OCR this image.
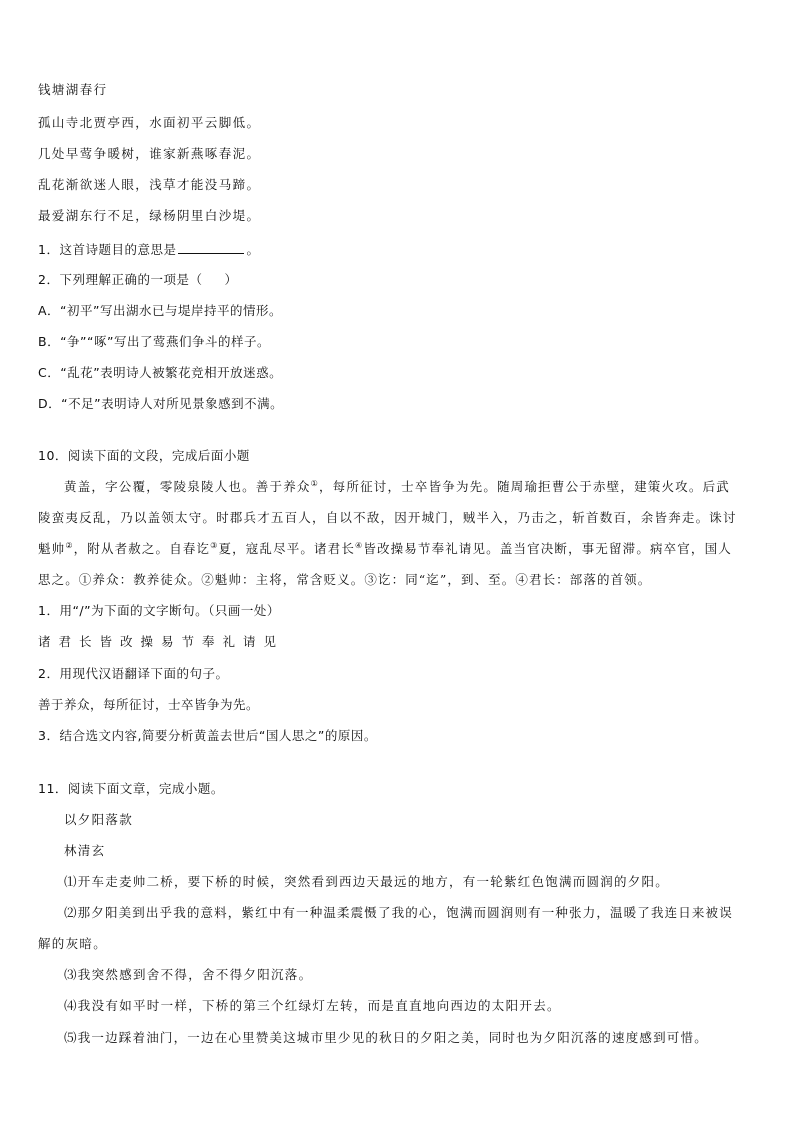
钱塘湖春行
孤山寺北贾亭西，水面初平云脚低。
几处早莺争暖树，谁家新燕啄春泥。
乱花渐欲迷人眼，浅草才能没马蹄。
最爱湖东行不足，绿杨阴里白沙堤。
1．这首诗题目的意思是	。
2．下列理解正确的一项是（ ）
A．“初平”写出湖水已与堤岸持平的情形。
B．“争”“啄”写出了莺燕们争斗的样子。
C．“乱花”表明诗人被繁花竞相开放迷惑。
D．“不足”表明诗人对所见景象感到不满。
10．阅读下面的文段，完成后面小题
黄盖，字公覆，零陵泉陵人也。善于养众①，每所征讨，士卒皆争为先。随周瑜拒曹公于赤壁，建策火攻。后武
陵蛮夷反乱，乃以盖领太守。时郡兵才五百人，自以不敌，因开城门，贼半入，乃击之，斩首数百，余皆奔走。诛讨
魁帅②，附从者赦之。自春讫③夏，寇乱尽平。诸君长④皆改操易节奉礼请见。盖当官决断，事无留滞。病卒官，国人
思之。①养众：教养徒众。②魁帅：主将，常含贬义。③讫：同“迄”，到、至。④君长：部落的首领。
1．用“/”为下面的文字断句。（只画一处）
诸君长皆改操易节奉礼请见
2．用现代汉语翻译下面的句子。
善于养众，每所征讨，士卒皆争为先。
3．结合选文内容,简要分析黄盖去世后“国人思之”的原因。
11．阅读下面文章，完成小题。
以夕阳落款
林清玄
⑴开车走麦帅二桥，要下桥的时候，突然看到西边天最远的地方，有一轮紫红色饱满而圆润的夕阳。
⑵那夕阳美到出乎我的意料，紫红中有一种温柔震慑了我的心，饱满而圆润则有一种张力，温暖了我连日来被误
解的灰暗。
⑶我突然感到舍不得，舍不得夕阳沉落。
⑷我没有如平时一样，下桥的第三个红绿灯左转，而是直直地向西边的太阳开去。
⑸我一边踩着油门，一边在心里赞美这城市里少见的秋日的夕阳之美，同时也为夕阳沉落的速度感到可惜。
